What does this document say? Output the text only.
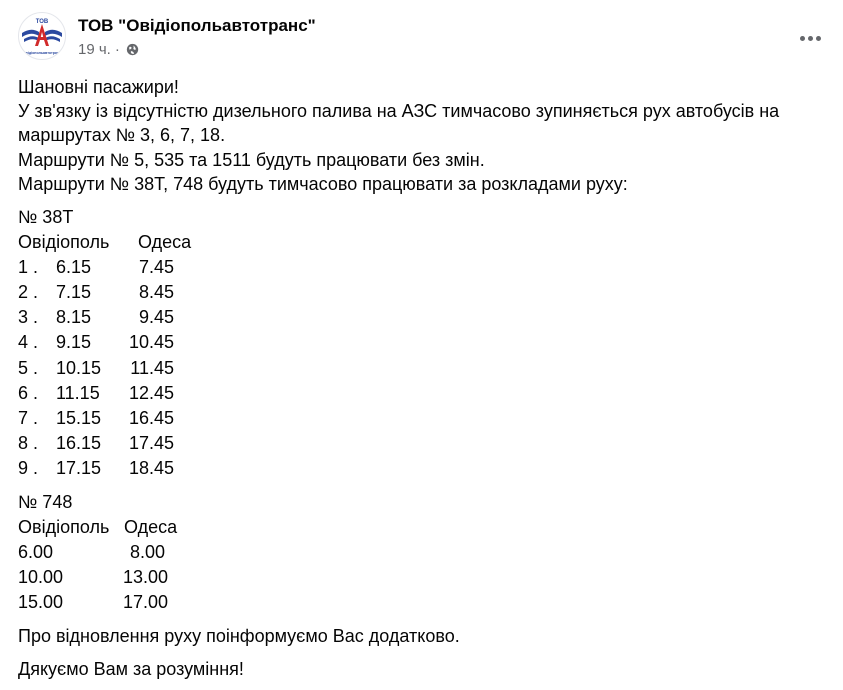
ТОВ
Овідіопольавтотранс
ТОВ "Овідіопольавтотранс"
19 ч. ·

Шановні пасажири!

У зв'язку із відсутністю дизельного палива на АЗС тимчасово зупиняється рух автобусів на маршрутах № 3, 6, 7, 18.

Маршрути № 5, 535 та 1511 будуть працювати без змін.

Маршрути № 38Т, 748 будуть тимчасово працювати за розкладами руху:

№ 38Т

Овідіополь	Одеса
1 . 6.15	7.45
2 . 7.15	8.45
3 . 8.15	9.45
4 . 9.15	10.45
5 . 10.15	11.45
6 . 11.15	12.45
7 . 15.15	16.45
8 . 16.15	17.45
9 . 17.15	18.45

№ 748

Овідіополь Одеса
6.00	8.00
10.00	13.00
15.00	17.00

Про відновлення руху поінформуємо Вас додатково.

Дякуємо Вам за розуміння!
